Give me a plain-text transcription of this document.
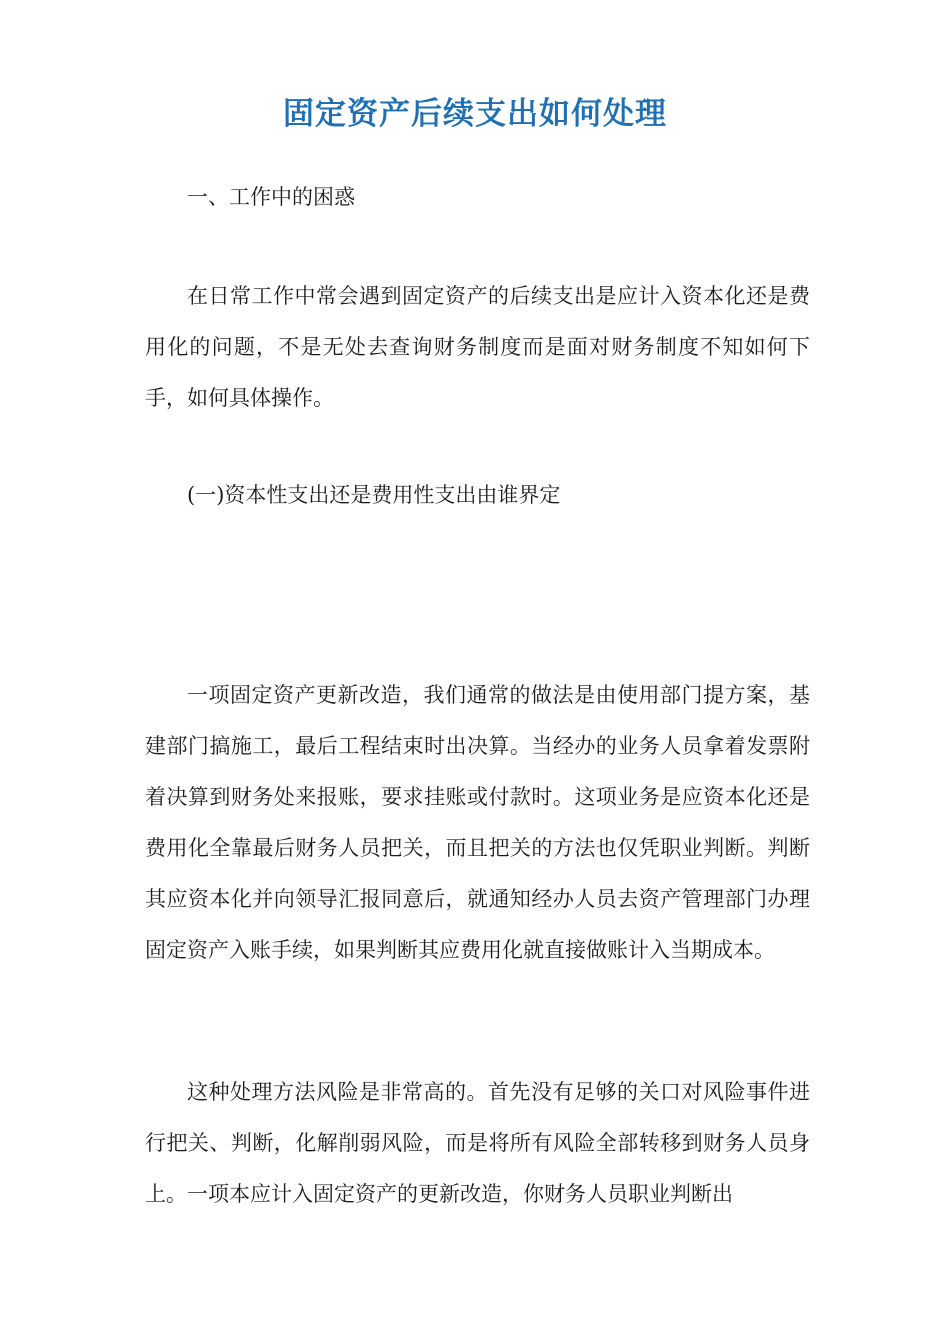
固定资产后续支出如何处理
一、工作中的困惑

在日常工作中常会遇到固定资产的后续支出是应计入资本化还是费用化的问题，不是无处去查询财务制度而是面对财务制度不知如何下手，如何具体操作。

(一)资本性支出还是费用性支出由谁界定

一项固定资产更新改造，我们通常的做法是由使用部门提方案，基建部门搞施工，最后工程结束时出决算。当经办的业务人员拿着发票附着决算到财务处来报账，要求挂账或付款时。这项业务是应资本化还是费用化全靠最后财务人员把关，而且把关的方法也仅凭职业判断。判断其应资本化并向领导汇报同意后，就通知经办人员去资产管理部门办理固定资产入账手续，如果判断其应费用化就直接做账计入当期成本。

这种处理方法风险是非常高的。首先没有足够的关口对风险事件进行把关、判断，化解削弱风险，而是将所有风险全部转移到财务人员身上。一项本应计入固定资产的更新改造，你财务人员职业判断出
